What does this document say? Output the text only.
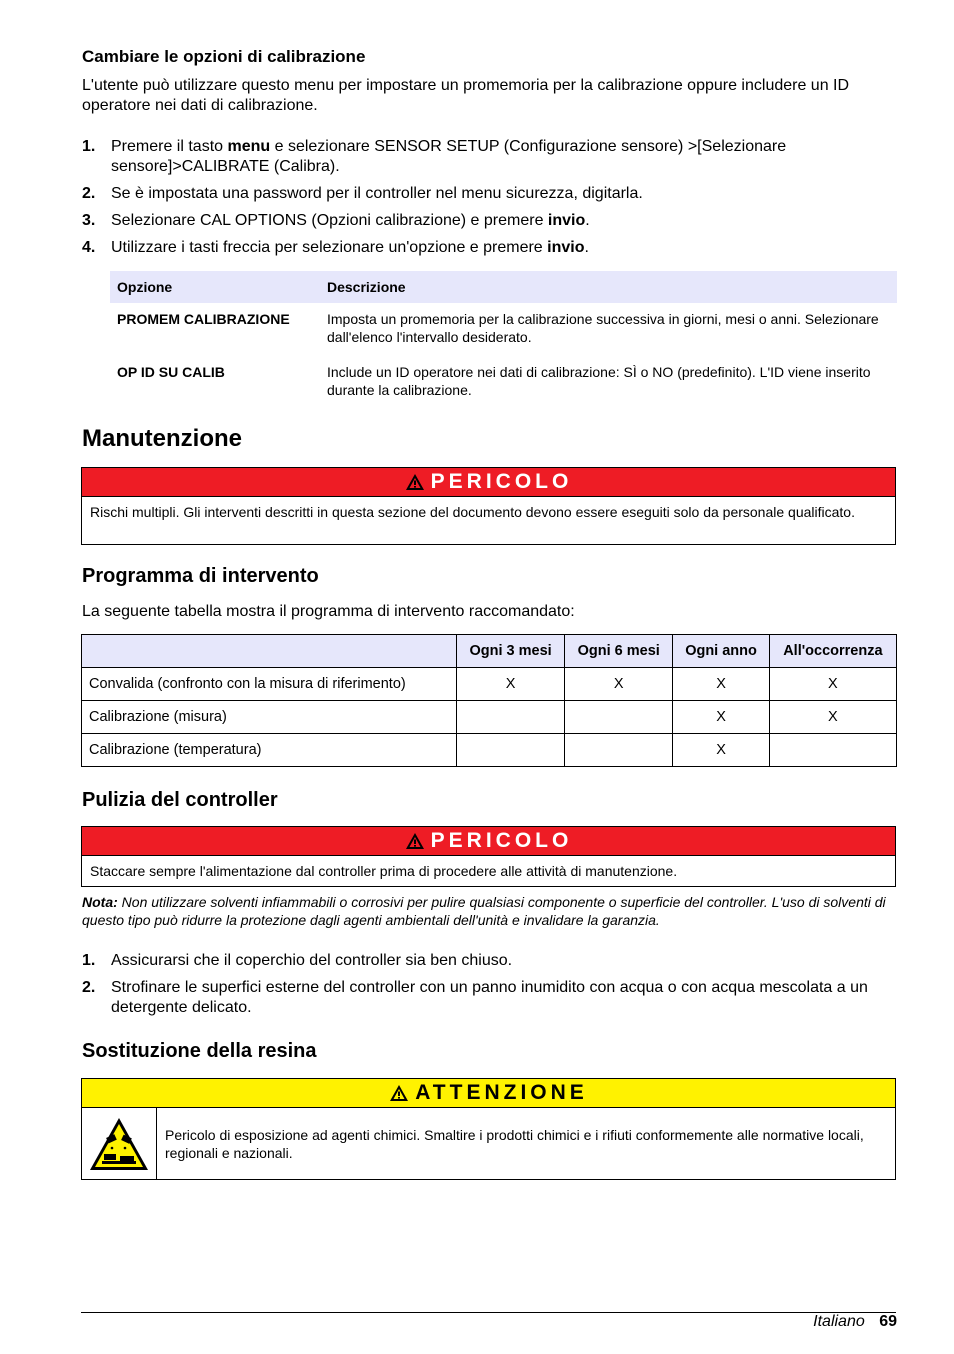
Cambiare le opzioni di calibrazione
L'utente può utilizzare questo menu per impostare un promemoria per la calibrazione oppure includere un ID operatore nei dati di calibrazione.
1. Premere il tasto menu e selezionare SENSOR SETUP (Configurazione sensore) >[Selezionare sensore]>CALIBRATE (Calibra).
2. Se è impostata una password per il controller nel menu sicurezza, digitarla.
3. Selezionare CAL OPTIONS (Opzioni calibrazione) e premere invio.
4. Utilizzare i tasti freccia per selezionare un'opzione e premere invio.
Opzione	Descrizione
PROMEM CALIBRAZIONE	Imposta un promemoria per la calibrazione successiva in giorni, mesi o anni. Selezionare dall'elenco l'intervallo desiderato.
OP ID SU CALIB	Include un ID operatore nei dati di calibrazione: SÌ o NO (predefinito). L'ID viene inserito durante la calibrazione.
Manutenzione
PERICOLO
Rischi multipli. Gli interventi descritti in questa sezione del documento devono essere eseguiti solo da personale qualificato.
Programma di intervento
La seguente tabella mostra il programma di intervento raccomandato:
	Ogni 3 mesi	Ogni 6 mesi	Ogni anno	All'occorrenza
Convalida (confronto con la misura di riferimento)	X	X	X	X
Calibrazione (misura)			X	X
Calibrazione (temperatura)			X	
Pulizia del controller
PERICOLO
Staccare sempre l'alimentazione dal controller prima di procedere alle attività di manutenzione.
Nota: Non utilizzare solventi infiammabili o corrosivi per pulire qualsiasi componente o superficie del controller. L'uso di solventi di questo tipo può ridurre la protezione dagli agenti ambientali dell'unità e invalidare la garanzia.
1. Assicurarsi che il coperchio del controller sia ben chiuso.
2. Strofinare le superfici esterne del controller con un panno inumidito con acqua o con acqua mescolata a un detergente delicato.
Sostituzione della resina
ATTENZIONE
Pericolo di esposizione ad agenti chimici. Smaltire i prodotti chimici e i rifiuti conformemente alle normative locali, regionali e nazionali.
Italiano 69
